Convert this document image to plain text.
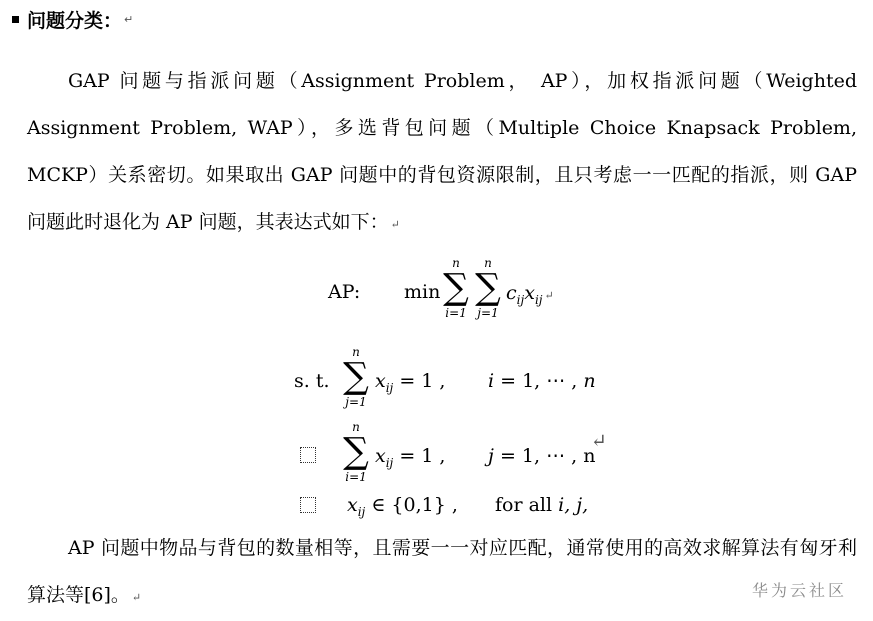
问题分类： ↵
GAP 问题与指派问题（Assignment Problem， AP），加权指派问题（Weighted Assignment Problem, WAP），多选背包问题（Multiple Choice Knapsack Problem, MCKP）关系密切。如果取出 GAP 问题中的背包资源限制，且只考虑一一匹配的指派，则 GAP 问题此时退化为 AP 问题，其表达式如下： ↵
AP: min
n
∑
i=1
n
∑
j=1
$c_{ij}x_{ij}$ ↵
s. t.
n
∑
j=1
$x_{ij} = 1$ , i = 1, ⋯ , n
n
∑
i=1
$x_{ij} = 1$ , j = 1, ⋯ , n
↵
$x_{ij}$ ∈ {0,1} , for all i, j,
AP 问题中物品与背包的数量相等，且需要一一对应匹配，通常使用的高效求解算法有匈牙利算法等[6]。 ↵	华为云社区
